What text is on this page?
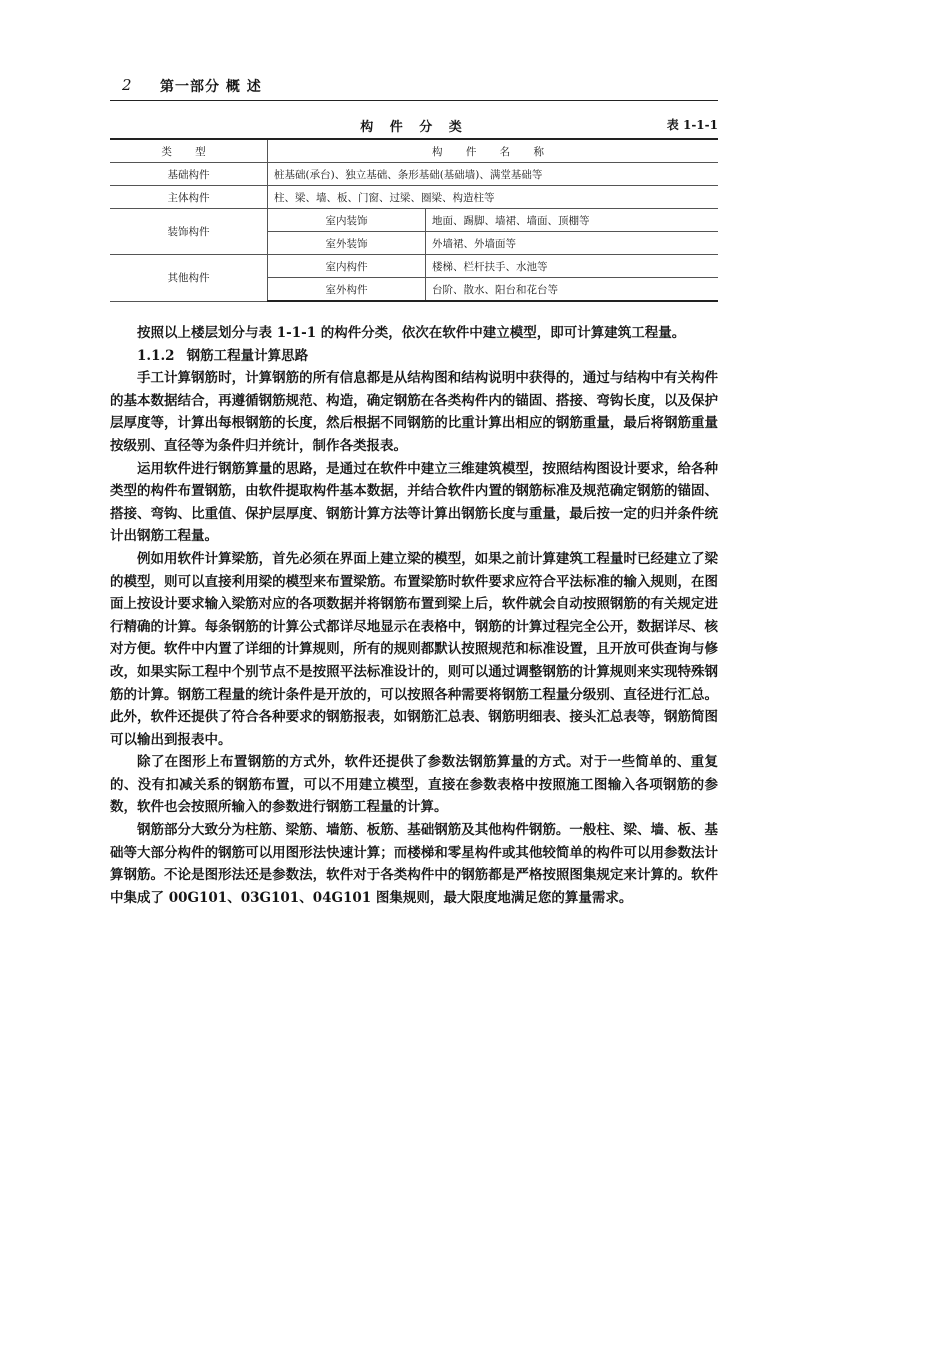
2 第一部分 概 述
构 件 分 类	表 1-1-1
类 型	构 件 名 称	
基础构件	桩基础(承台)、独立基础、条形基础(基础墙)、满堂基础等	
主体构件	柱、梁、墙、板、门窗、过梁、圈梁、构造柱等	
装饰构件	室内装饰	地面、踢脚、墙裙、墙面、顶棚等
	室外装饰	外墙裙、外墙面等
其他构件	室内构件	楼梯、栏杆扶手、水池等
	室外构件	台阶、散水、阳台和花台等

按照以上楼层划分与表 1-1-1 的构件分类，依次在软件中建立模型，即可计算建筑工程量。

1.1.2 钢筋工程量计算思路

手工计算钢筋时，计算钢筋的所有信息都是从结构图和结构说明中获得的，通过与结构中有关构件的基本数据结合，再遵循钢筋规范、构造，确定钢筋在各类构件内的锚固、搭接、弯钩长度，以及保护层厚度等，计算出每根钢筋的长度，然后根据不同钢筋的比重计算出相应的钢筋重量，最后将钢筋重量按级别、直径等为条件归并统计，制作各类报表。

运用软件进行钢筋算量的思路，是通过在软件中建立三维建筑模型，按照结构图设计要求，给各种类型的构件布置钢筋，由软件提取构件基本数据，并结合软件内置的钢筋标准及规范确定钢筋的锚固、搭接、弯钩、比重值、保护层厚度、钢筋计算方法等计算出钢筋长度与重量，最后按一定的归并条件统计出钢筋工程量。

例如用软件计算梁筋，首先必须在界面上建立梁的模型，如果之前计算建筑工程量时已经建立了梁的模型，则可以直接利用梁的模型来布置梁筋。布置梁筋时软件要求应符合平法标准的输入规则，在图面上按设计要求输入梁筋对应的各项数据并将钢筋布置到梁上后，软件就会自动按照钢筋的有关规定进行精确的计算。每条钢筋的计算公式都详尽地显示在表格中，钢筋的计算过程完全公开，数据详尽、核对方便。软件中内置了详细的计算规则，所有的规则都默认按照规范和标准设置，且开放可供查询与修改，如果实际工程中个别节点不是按照平法标准设计的，则可以通过调整钢筋的计算规则来实现特殊钢筋的计算。钢筋工程量的统计条件是开放的，可以按照各种需要将钢筋工程量分级别、直径进行汇总。此外，软件还提供了符合各种要求的钢筋报表，如钢筋汇总表、钢筋明细表、接头汇总表等，钢筋简图可以输出到报表中。

除了在图形上布置钢筋的方式外，软件还提供了参数法钢筋算量的方式。对于一些简单的、重复的、没有扣减关系的钢筋布置，可以不用建立模型，直接在参数表格中按照施工图输入各项钢筋的参数，软件也会按照所输入的参数进行钢筋工程量的计算。

钢筋部分大致分为柱筋、梁筋、墙筋、板筋、基础钢筋及其他构件钢筋。一般柱、梁、墙、板、基础等大部分构件的钢筋可以用图形法快速计算；而楼梯和零星构件或其他较简单的构件可以用参数法计算钢筋。不论是图形法还是参数法，软件对于各类构件中的钢筋都是严格按照图集规定来计算的。软件中集成了 00G101、03G101、04G101 图集规则，最大限度地满足您的算量需求。
